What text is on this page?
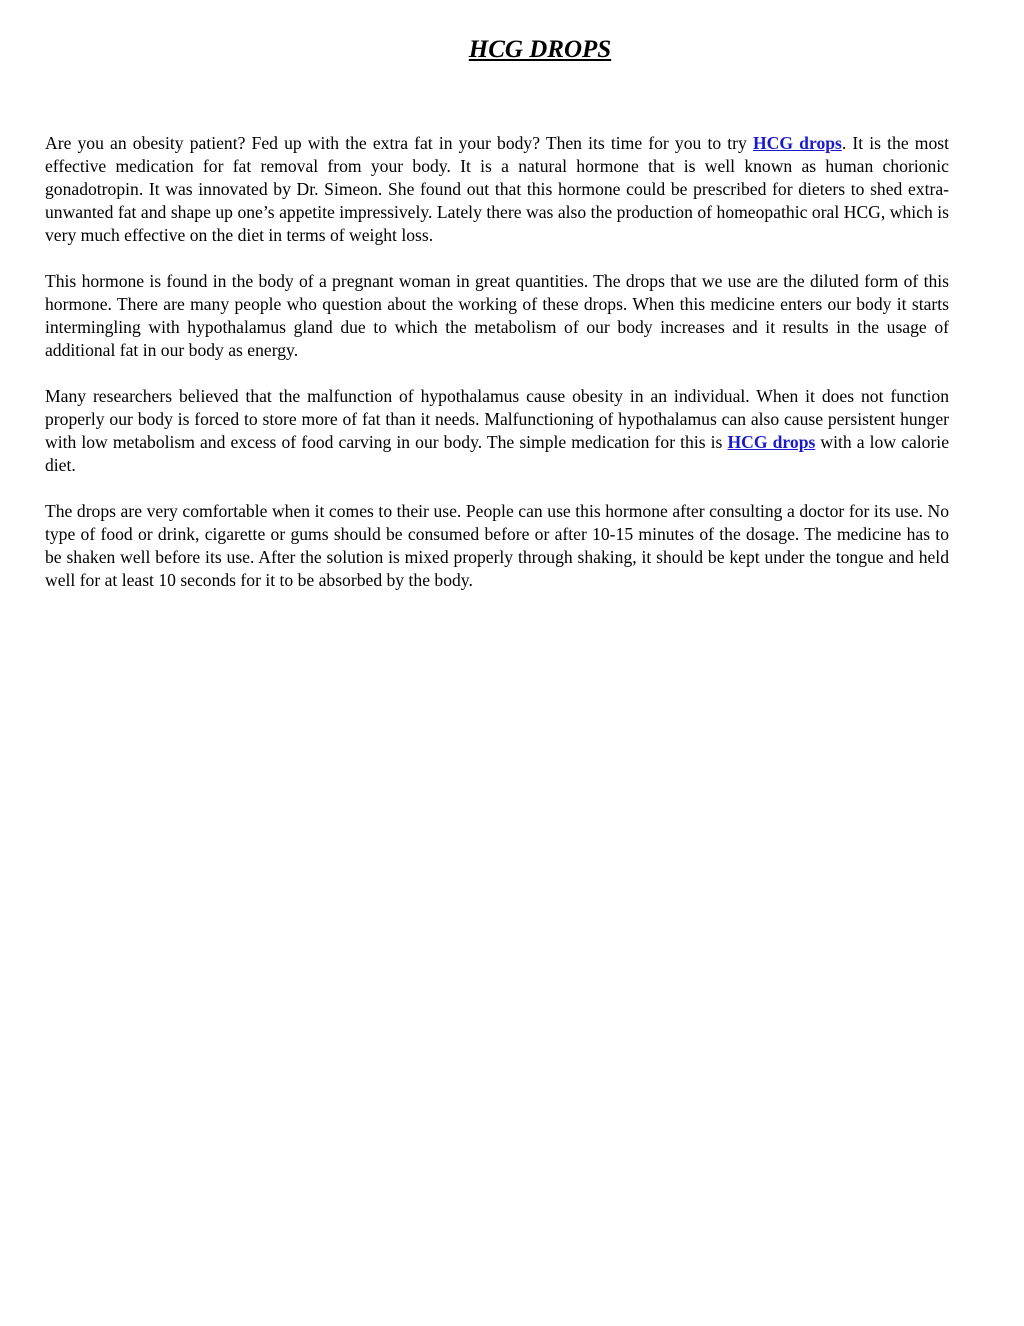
HCG DROPS

Are you an obesity patient? Fed up with the extra fat in your body? Then its time for you to try HCG drops. It is the most effective medication for fat removal from your body. It is a natural hormone that is well known as human chorionic gonadotropin. It was innovated by Dr. Simeon. She found out that this hormone could be prescribed for dieters to shed extra-unwanted fat and shape up one’s appetite impressively. Lately there was also the production of homeopathic oral HCG, which is very much effective on the diet in terms of weight loss.

This hormone is found in the body of a pregnant woman in great quantities. The drops that we use are the diluted form of this hormone. There are many people who question about the working of these drops. When this medicine enters our body it starts intermingling with hypothalamus gland due to which the metabolism of our body increases and it results in the usage of additional fat in our body as energy.

Many researchers believed that the malfunction of hypothalamus cause obesity in an individual. When it does not function properly our body is forced to store more of fat than it needs. Malfunctioning of hypothalamus can also cause persistent hunger with low metabolism and excess of food carving in our body. The simple medication for this is HCG drops with a low calorie diet.

The drops are very comfortable when it comes to their use. People can use this hormone after consulting a doctor for its use. No type of food or drink, cigarette or gums should be consumed before or after 10-15 minutes of the dosage. The medicine has to be shaken well before its use. After the solution is mixed properly through shaking, it should be kept under the tongue and held well for at least 10 seconds for it to be absorbed by the body.
